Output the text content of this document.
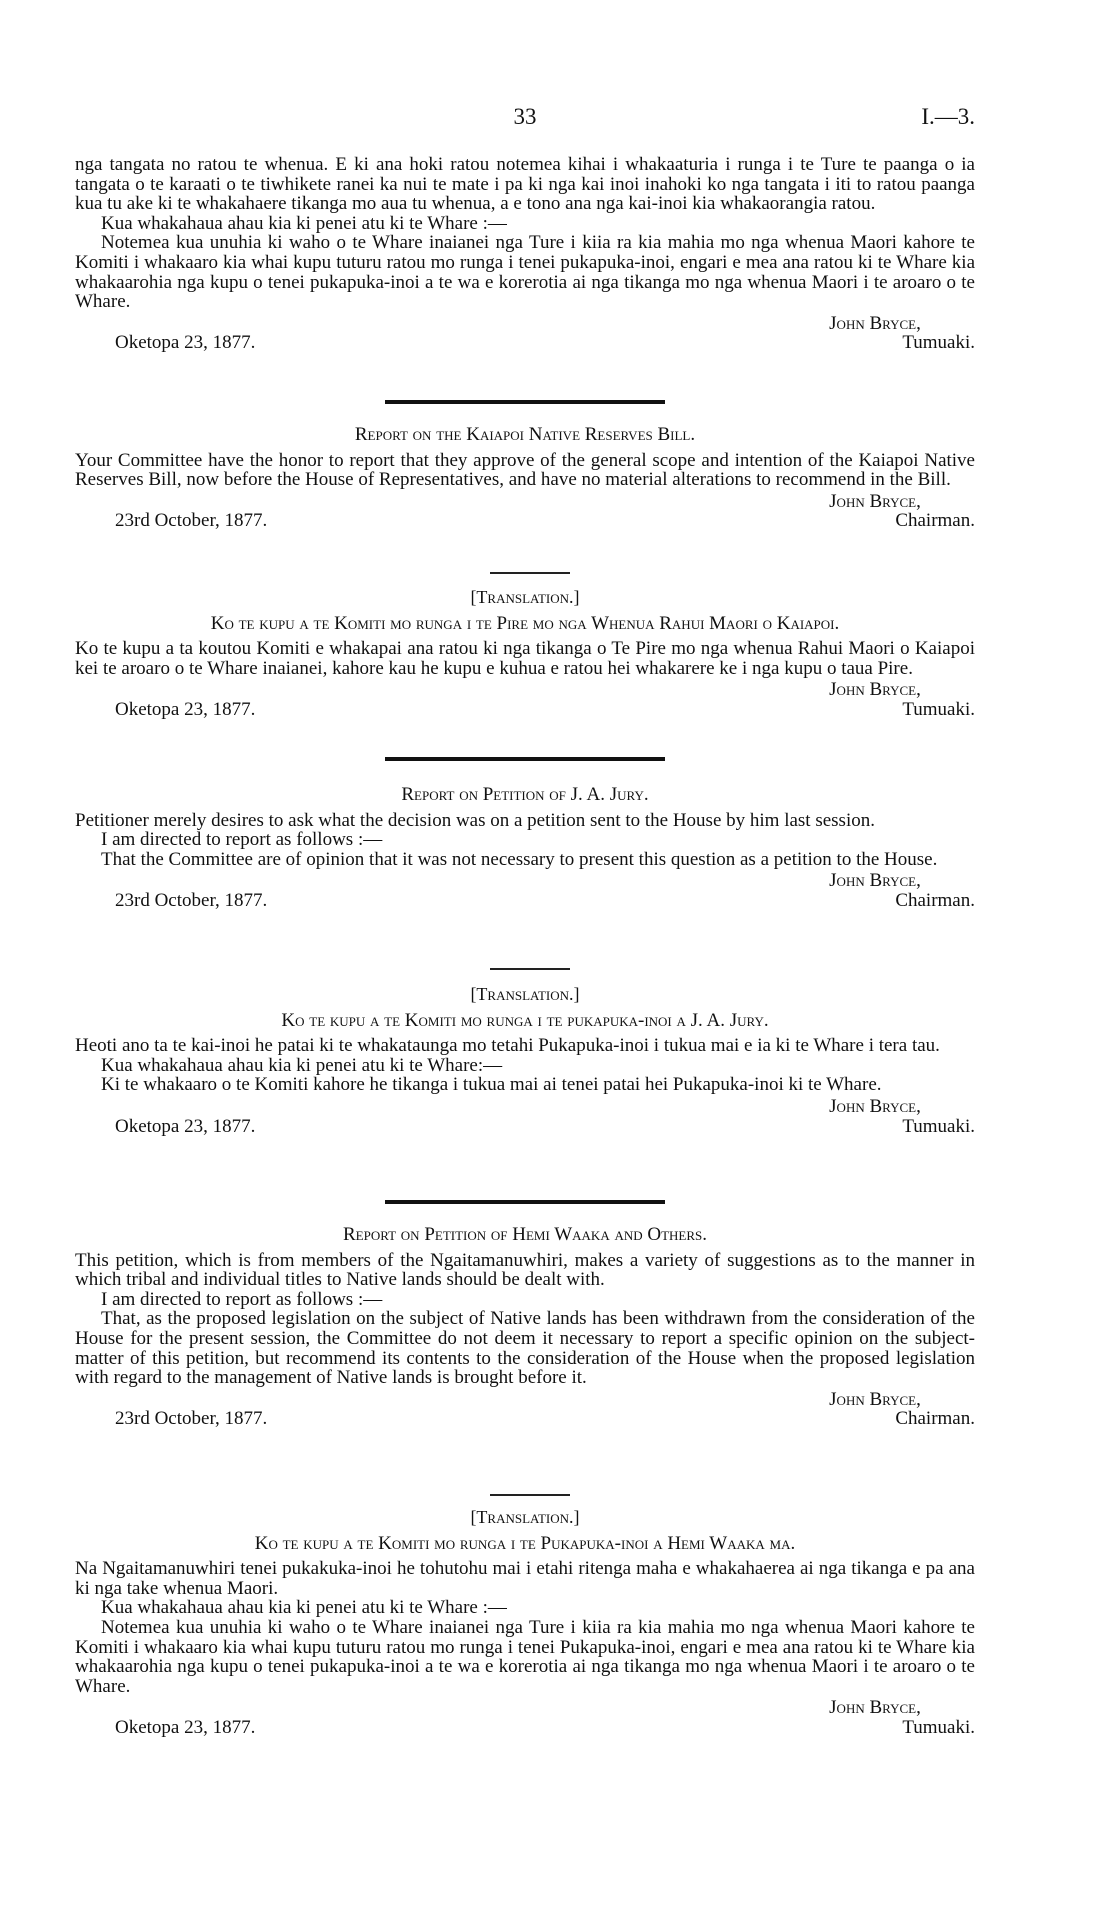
33	I.—3.

nga tangata no ratou te whenua. E ki ana hoki ratou notemea kihai i whakaaturia i runga i te Ture te paanga o ia tangata o te karaati o te tiwhikete ranei ka nui te mate i pa ki nga kai inoi inahoki ko nga tangata i iti to ratou paanga kua tu ake ki te whakahaere tikanga mo aua tu whenua, a e tono ana nga kai-inoi kia whakaorangia ratou.

Kua whakahaua ahau kia ki penei atu ki te Whare :—

Notemea kua unuhia ki waho o te Whare inaianei nga Ture i kiia ra kia mahia mo nga whenua Maori kahore te Komiti i whakaaro kia whai kupu tuturu ratou mo runga i tenei pukapuka-inoi, engari e mea ana ratou ki te Whare kia whakaarohia nga kupu o tenei pukapuka-inoi a te wa e korerotia ai nga tikanga mo nga whenua Maori i te aroaro o te Whare.

Oketopa 23, 1877.
John Bryce,
Tumuaki.

Report on the Kaiapoi Native Reserves Bill.

Your Committee have the honor to report that they approve of the general scope and intention of the Kaiapoi Native Reserves Bill, now before the House of Representatives, and have no material alterations to recommend in the Bill.

23rd October, 1877.
John Bryce,
Chairman.

[Translation.]

Ko te kupu a te Komiti mo runga i te Pire mo nga Whenua Rahui Maori o Kaiapoi.

Ko te kupu a ta koutou Komiti e whakapai ana ratou ki nga tikanga o Te Pire mo nga whenua Rahui Maori o Kaiapoi kei te aroaro o te Whare inaianei, kahore kau he kupu e kuhua e ratou hei whakarere ke i nga kupu o taua Pire.

Oketopa 23, 1877.
John Bryce,
Tumuaki.

Report on Petition of J. A. Jury.

Petitioner merely desires to ask what the decision was on a petition sent to the House by him last session.

I am directed to report as follows :—

That the Committee are of opinion that it was not necessary to present this question as a petition to the House.

23rd October, 1877.
John Bryce,
Chairman.

[Translation.]

Ko te kupu a te Komiti mo runga i te pukapuka-inoi a J. A. Jury.

Heoti ano ta te kai-inoi he patai ki te whakataunga mo tetahi Pukapuka-inoi i tukua mai e ia ki te Whare i tera tau.

Kua whakahaua ahau kia ki penei atu ki te Whare:—

Ki te whakaaro o te Komiti kahore he tikanga i tukua mai ai tenei patai hei Pukapuka-inoi ki te Whare.

Oketopa 23, 1877.
John Bryce,
Tumuaki.

Report on Petition of Hemi Waaka and Others.

This petition, which is from members of the Ngaitamanuwhiri, makes a variety of suggestions as to the manner in which tribal and individual titles to Native lands should be dealt with.

I am directed to report as follows :—

That, as the proposed legislation on the subject of Native lands has been withdrawn from the consideration of the House for the present session, the Committee do not deem it necessary to report a specific opinion on the subject-matter of this petition, but recommend its contents to the consideration of the House when the proposed legislation with regard to the management of Native lands is brought before it.

23rd October, 1877.
John Bryce,
Chairman.

[Translation.]

Ko te kupu a te Komiti mo runga i te Pukapuka-inoi a Hemi Waaka ma.

Na Ngaitamanuwhiri tenei pukakuka-inoi he tohutohu mai i etahi ritenga maha e whakahaerea ai nga tikanga e pa ana ki nga take whenua Maori.

Kua whakahaua ahau kia ki penei atu ki te Whare :—

Notemea kua unuhia ki waho o te Whare inaianei nga Ture i kiia ra kia mahia mo nga whenua Maori kahore te Komiti i whakaaro kia whai kupu tuturu ratou mo runga i tenei Pukapuka-inoi, engari e mea ana ratou ki te Whare kia whakaarohia nga kupu o tenei pukapuka-inoi a te wa e korerotia ai nga tikanga mo nga whenua Maori i te aroaro o te Whare.

Oketopa 23, 1877.
John Bryce,
Tumuaki.
